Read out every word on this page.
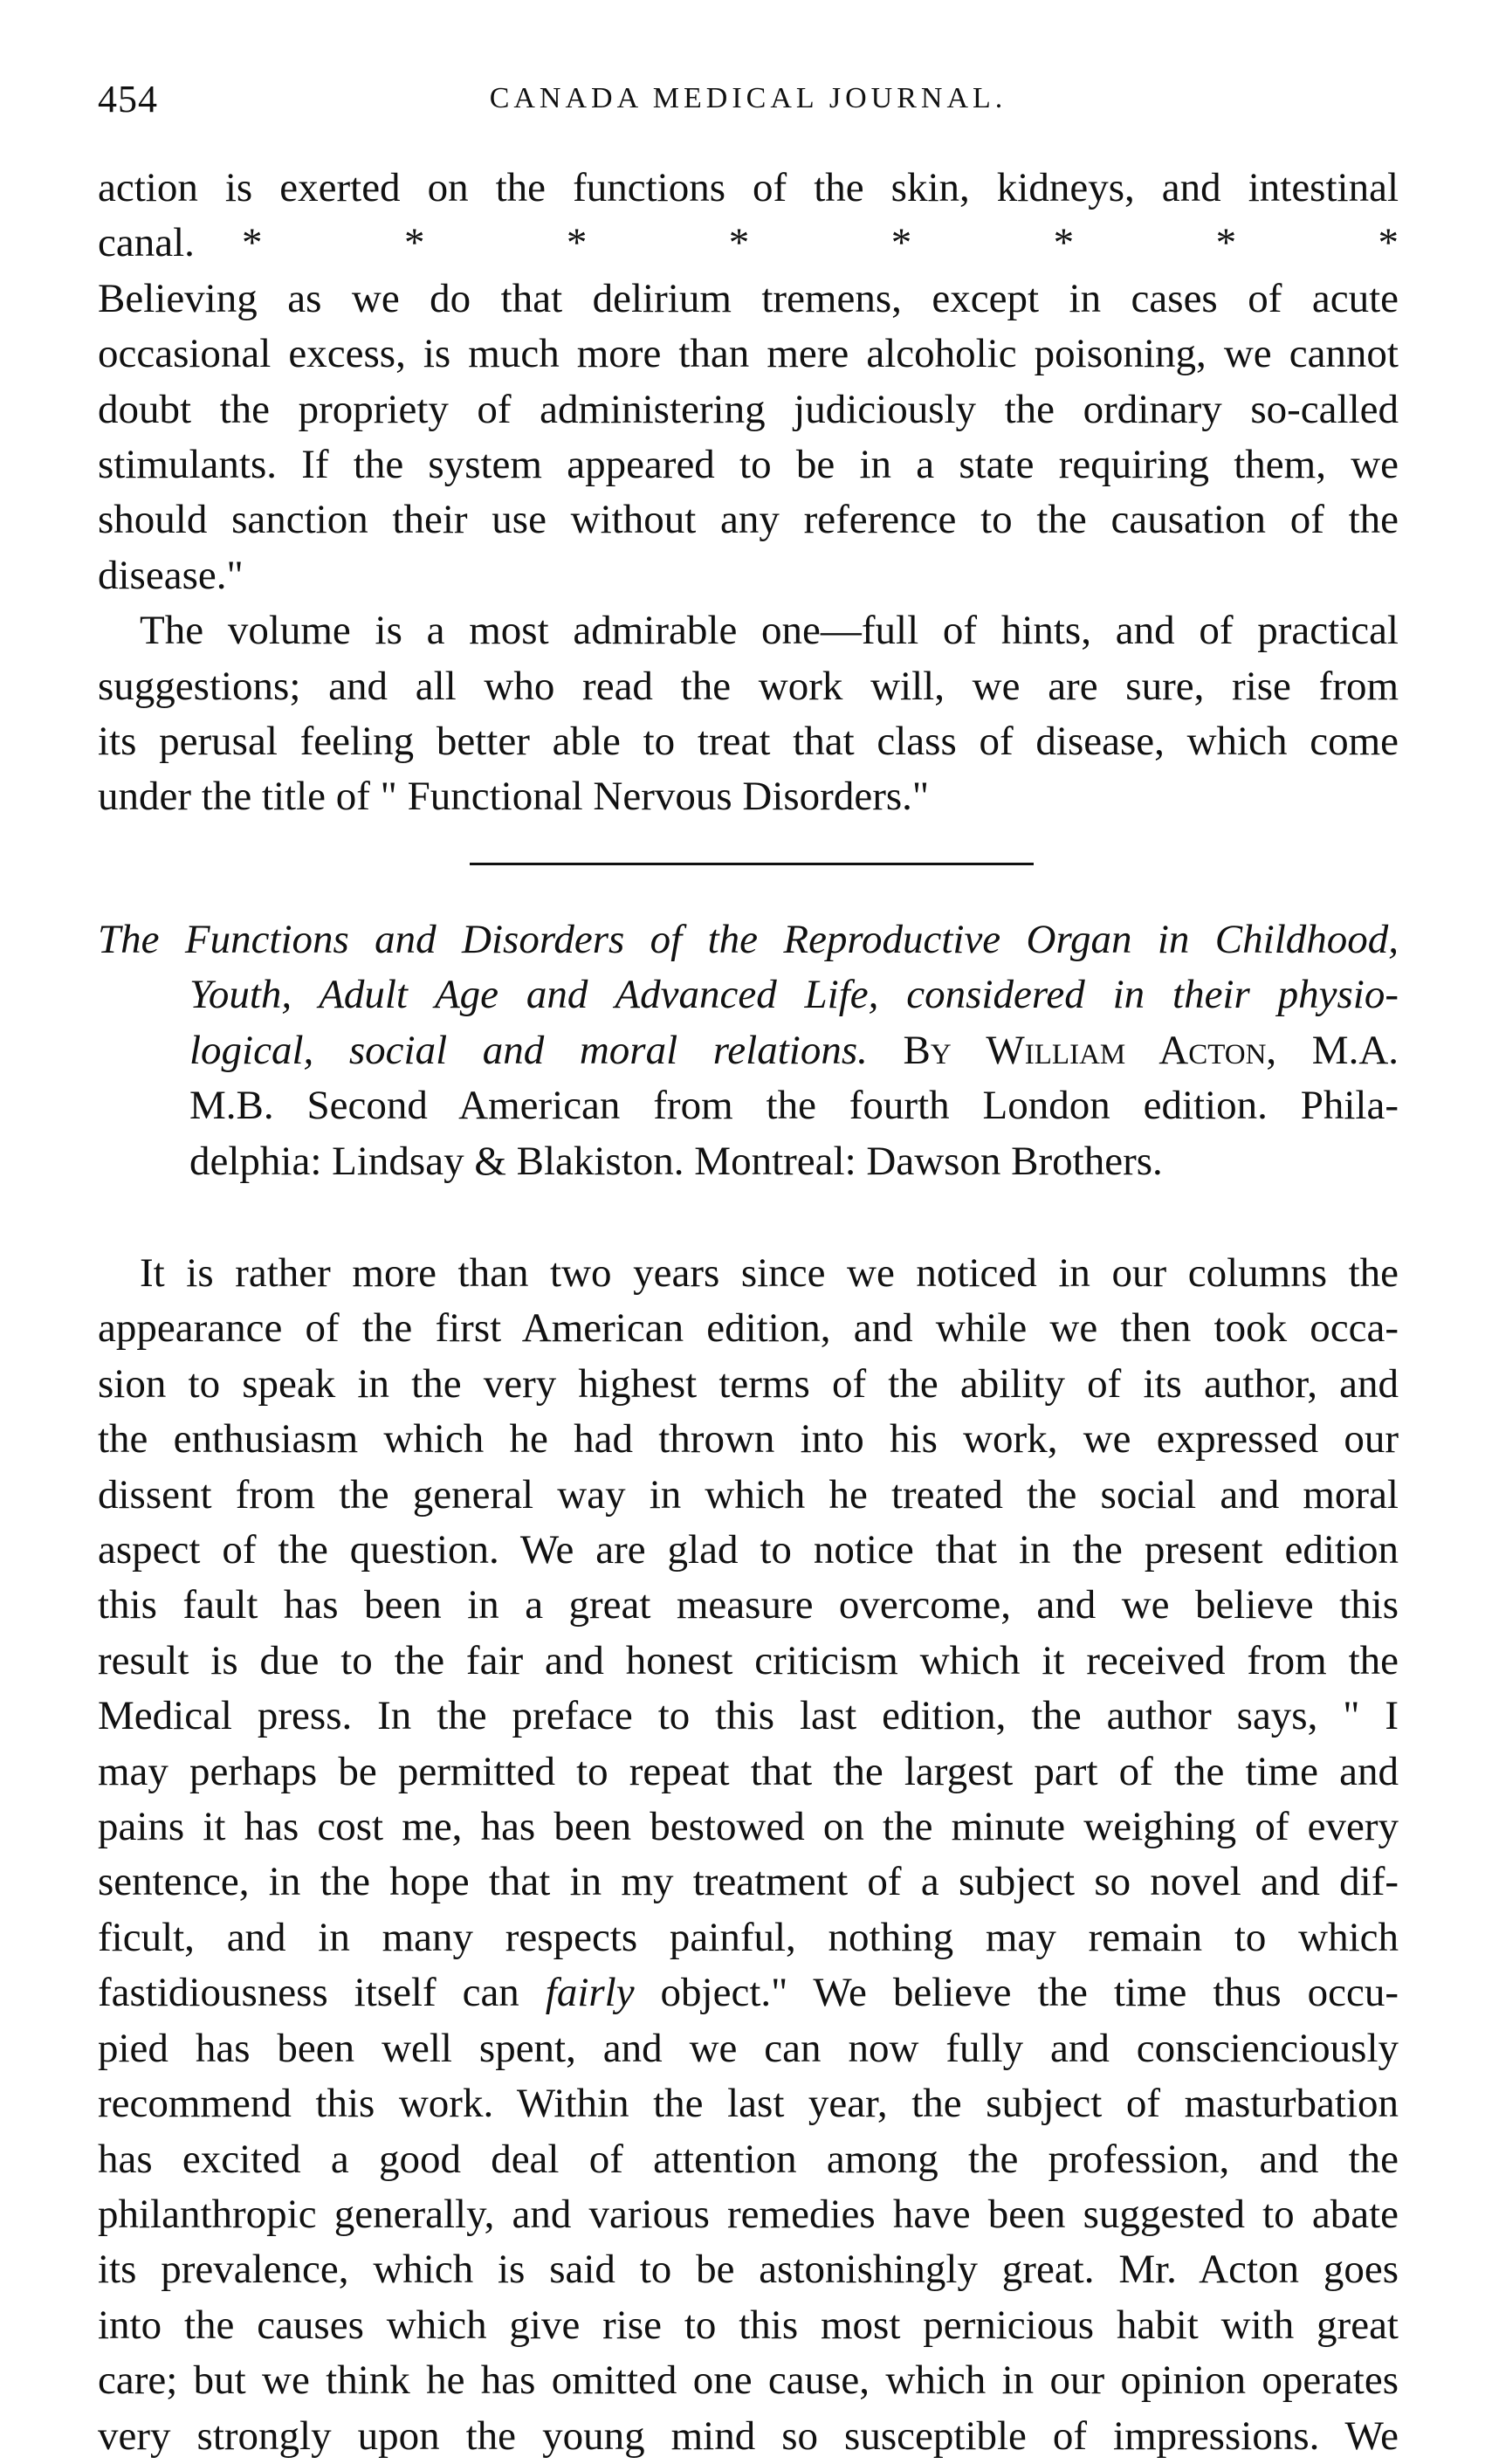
454	CANADA MEDICAL JOURNAL.
action is exerted on the functions of the skin, kidneys, and intestinal
canal.  *      *      *      *      *      *      *      *
Believing as we do that delirium tremens, except in cases of acute
occasional excess, is much more than mere alcoholic poisoning, we cannot
doubt the propriety of administering judiciously the ordinary so-called
stimulants. If the system appeared to be in a state requiring them, we
should sanction their use without any reference to the causation of the
disease."
The volume is a most admirable one—full of hints, and of practical
suggestions; and all who read the work will, we are sure, rise from
its perusal feeling better able to treat that class of disease, which come
under the title of " Functional Nervous Disorders."
The Functions and Disorders of the Reproductive Organ in Childhood,
Youth, Adult Age and Advanced Life, considered in their physio-
logical, social and moral relations. By William Acton, M.A.
M.B. Second American from the fourth London edition. Phila-
delphia: Lindsay & Blakiston. Montreal: Dawson Brothers.
It is rather more than two years since we noticed in our columns the
appearance of the first American edition, and while we then took occa-
sion to speak in the very highest terms of the ability of its author, and
the enthusiasm which he had thrown into his work, we expressed our
dissent from the general way in which he treated the social and moral
aspect of the question. We are glad to notice that in the present edition
this fault has been in a great measure overcome, and we believe this
result is due to the fair and honest criticism which it received from the
Medical press. In the preface to this last edition, the author says, " I
may perhaps be permitted to repeat that the largest part of the time and
pains it has cost me, has been bestowed on the minute weighing of every
sentence, in the hope that in my treatment of a subject so novel and dif-
ficult, and in many respects painful, nothing may remain to which
fastidiousness itself can fairly object." We believe the time thus occu-
pied has been well spent, and we can now fully and conscienciously
recommend this work. Within the last year, the subject of masturbation
has excited a good deal of attention among the profession, and the
philanthropic generally, and various remedies have been suggested to abate
its prevalence, which is said to be astonishingly great. Mr. Acton goes
into the causes which give rise to this most pernicious habit with great
care; but we think he has omitted one cause, which in our opinion operates
very strongly upon the young mind so susceptible of impressions. We
